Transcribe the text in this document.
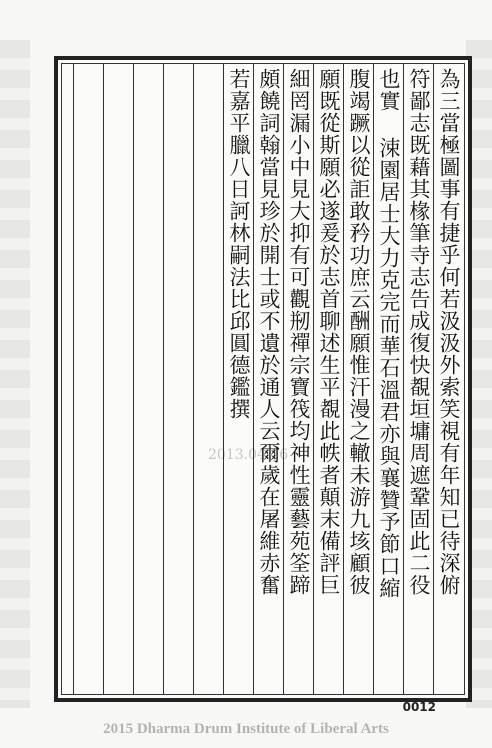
為三當極圖事有捷乎何若汲汲外索笑視有年知已待深俯
符鄙志既藉其椽筆寺志告成復快覩垣墉周遮鞏固此二役
也實 涑園居士大力克完而華石溫君亦與襄贊予節口縮
腹竭蹶以從詎敢矜功庶云酬願惟汗漫之轍未游九垓顧彼
願既從斯願必遂爰於志首聊述生平覩此帙者顛末備評巨
細罔漏小中見大抑有可觀剏禪宗寶筏均神性靈藝苑筌蹄
頗饒詞翰當見珍於開士或不遺於通人云爾歲在屠維赤奮
若嘉平臘八日訶林嗣法比邱圓德鑑撰
2013.04.16
0012
2015 Dharma Drum Institute of Liberal Arts
